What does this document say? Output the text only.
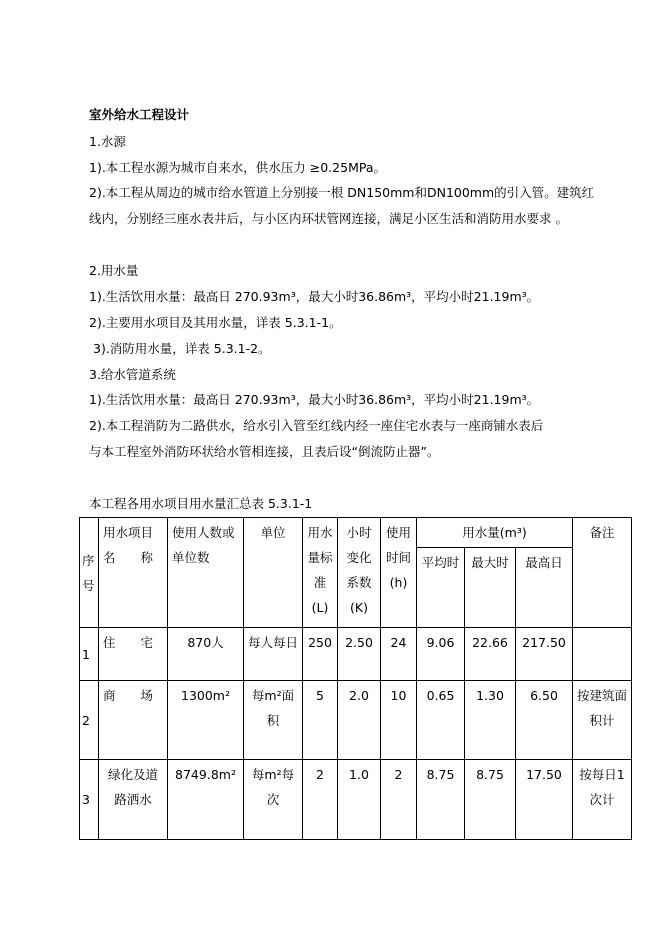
室外给水工程设计
1.水源
1).本工程水源为城市自来水，供水压力 ≥0.25MPa。
2).本工程从周边的城市给水管道上分别接一根 DN150mm和DN100mm的引入管。建筑红
线内，分别经三座水表井后，与小区内环状管网连接，满足小区生活和消防用水要求 。
2.用水量
1).生活饮用水量：最高日 270.93m³，最大小时36.86m³，平均小时21.19m³。
2).主要用水项目及其用水量，详表 5.3.1-1。
3).消防用水量，详表 5.3.1-2。
3.给水管道系统
1).生活饮用水量：最高日 270.93m³，最大小时36.86m³，平均小时21.19m³。
2).本工程消防为二路供水，给水引入管至红线内经一座住宅水表与一座商铺水表后
与本工程室外消防环状给水管相连接，且表后设“倒流防止器”。
本工程各用水项目用水量汇总表 5.3.1-1
序号	用水项目 名　　称	使用人数或单位数	单位	用水量标准(L)	小时变化系数(K)	使用时间(h)	用水量(m³)			备注
							平均时	最大时	最高日	
1	住　　宅	870人	每人每日	250	2.50	24	9.06	22.66	217.50	
2	商　　场	1300m²	每m²面积	5	2.0	10	0.65	1.30	6.50	按建筑面积计
3	绿化及道路洒水	8749.8m²	每m²每次	2	1.0	2	8.75	8.75	17.50	按每日1次计
